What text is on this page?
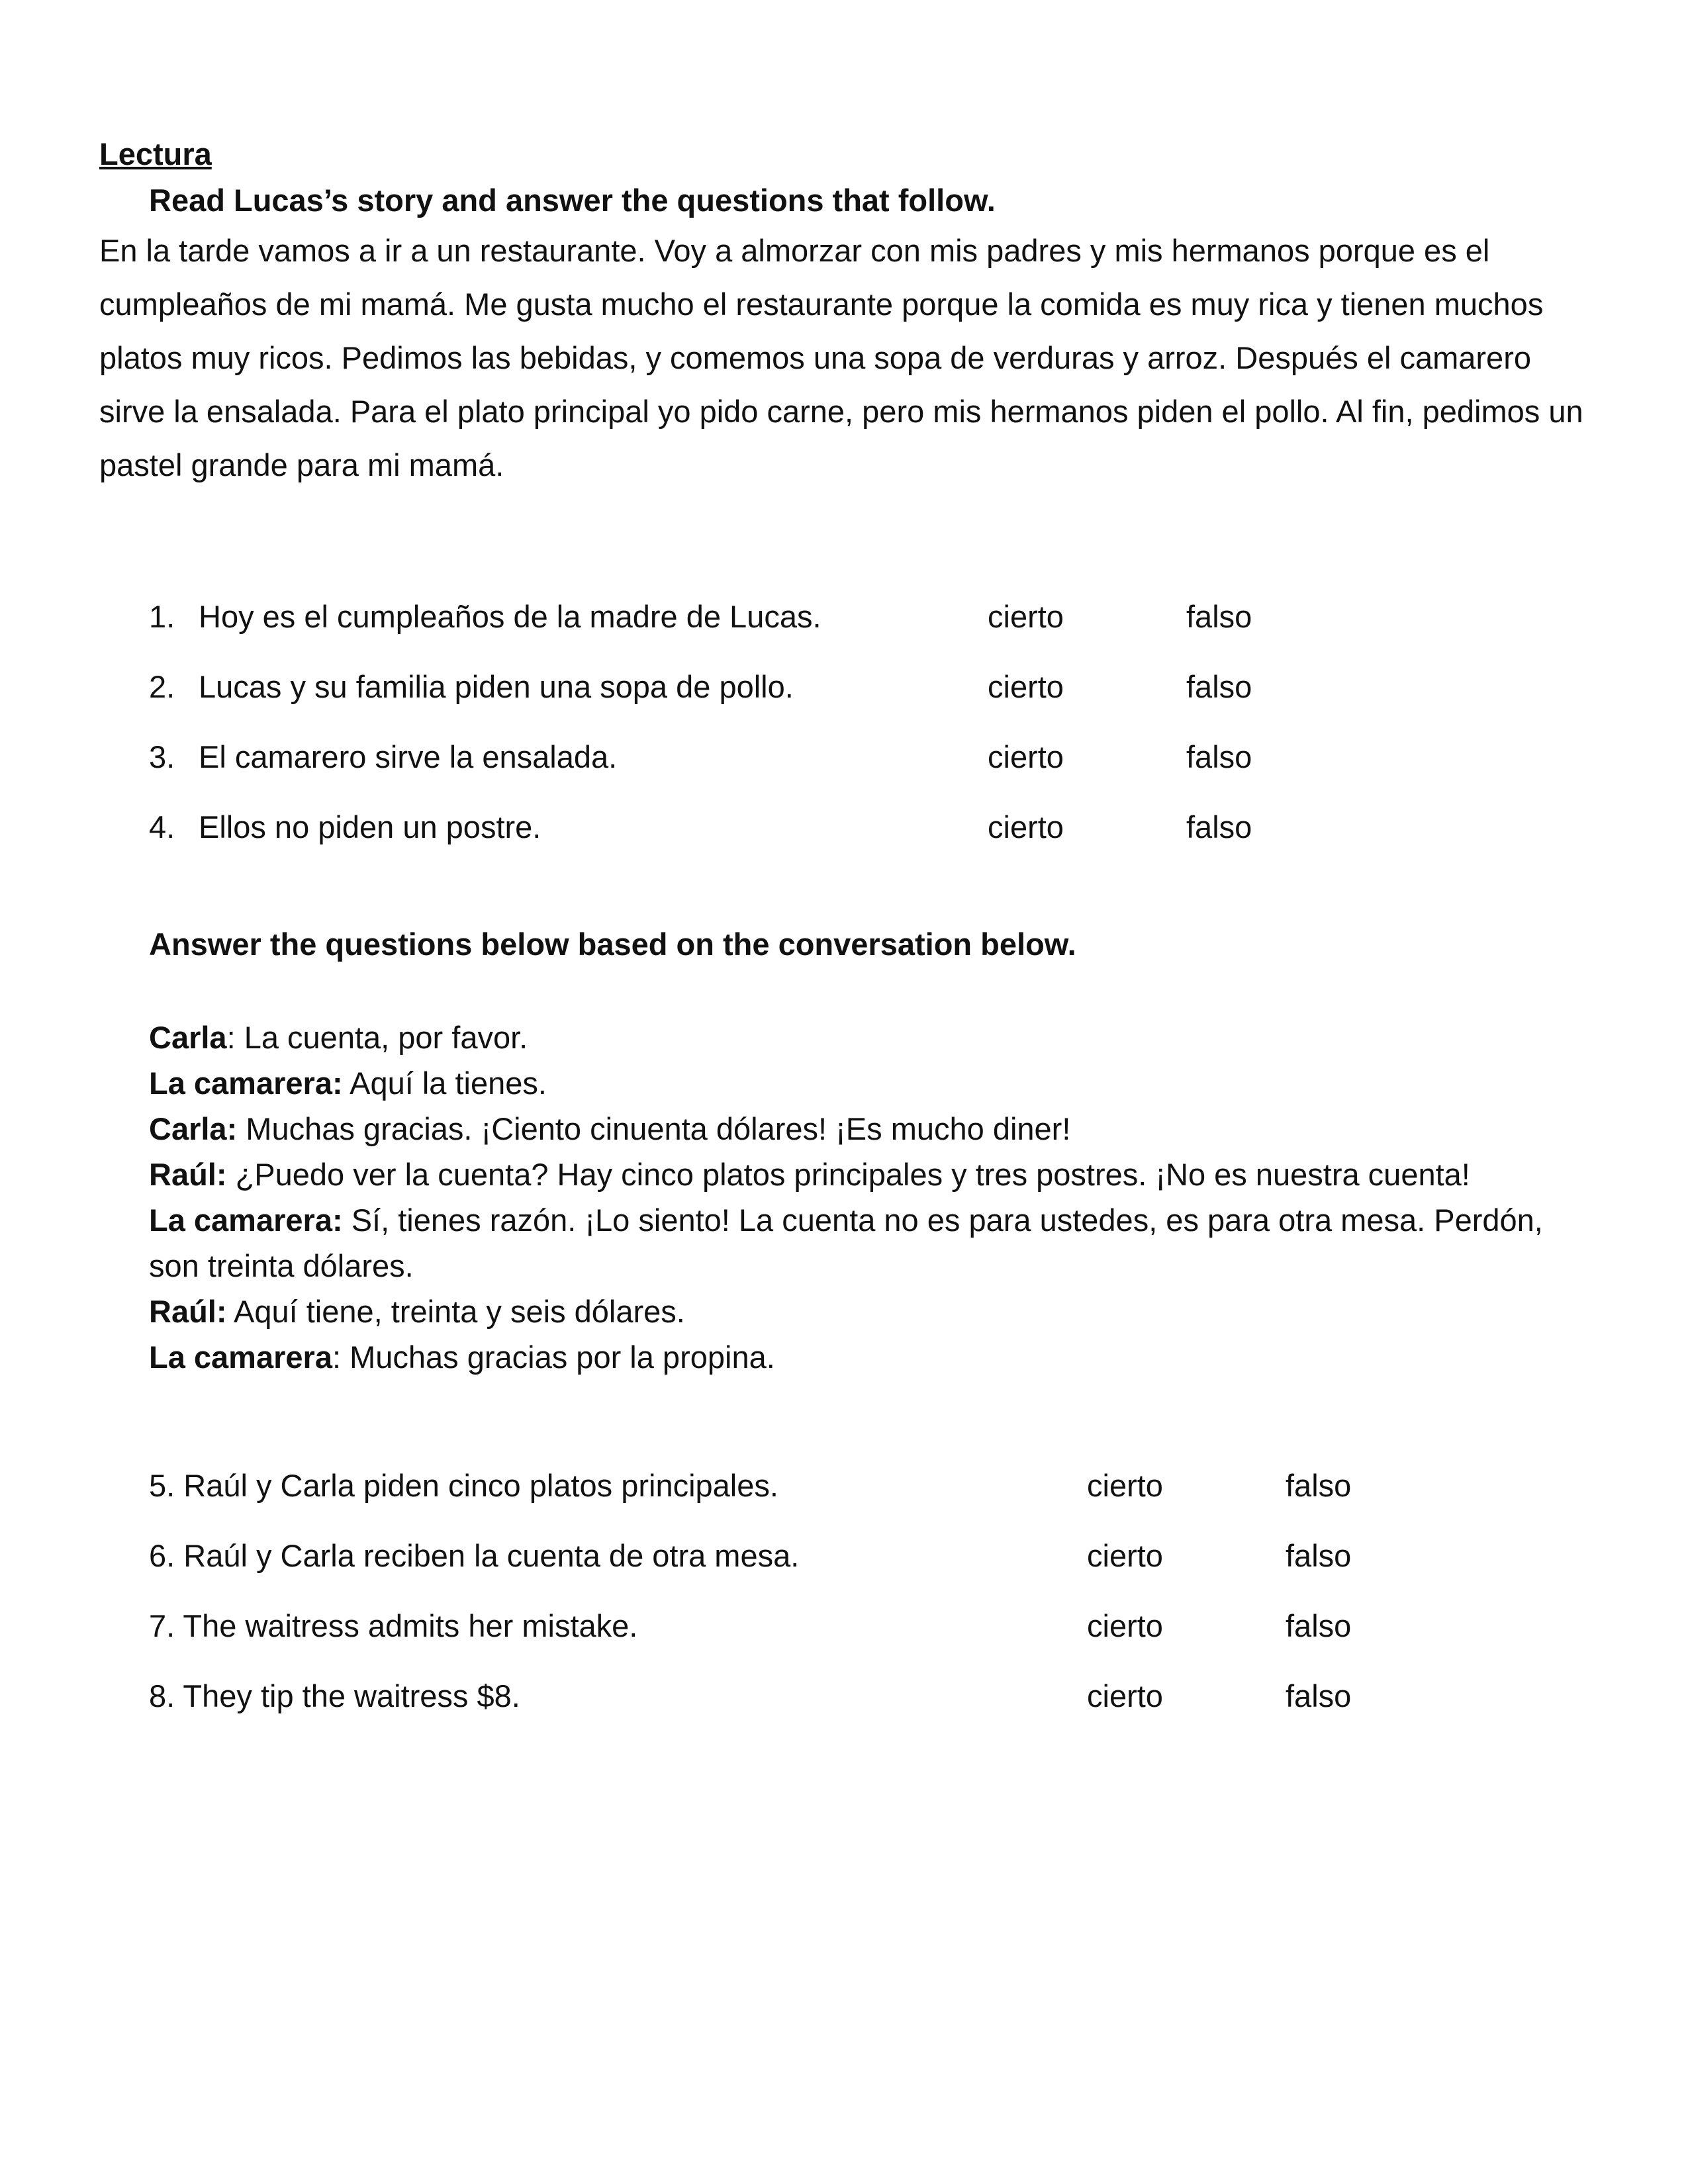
Lectura
Read Lucas’s story and answer the questions that follow.

En la tarde vamos a ir a un restaurante. Voy a almorzar con mis padres y mis hermanos porque es el cumpleaños de mi mamá. Me gusta mucho el restaurante porque la comida es muy rica y tienen muchos platos muy ricos. Pedimos las bebidas, y comemos una sopa de verduras y arroz. Después el camarero sirve la ensalada. Para el plato principal yo pido carne, pero mis hermanos piden el pollo. Al fin, pedimos un pastel grande para mi mamá.

1. Hoy es el cumpleaños de la madre de Lucas.	cierto	falso
2. Lucas y su familia piden una sopa de pollo.	cierto	falso
3. El camarero sirve la ensalada.	cierto	falso
4. Ellos no piden un postre.	cierto	falso
Answer the questions below based on the conversation below.

Carla: La cuenta, por favor.

La camarera: Aquí la tienes.

Carla: Muchas gracias. ¡Ciento cinuenta dólares! ¡Es mucho diner!

Raúl: ¿Puedo ver la cuenta? Hay cinco platos principales y tres postres. ¡No es nuestra cuenta!

La camarera: Sí, tienes razón. ¡Lo siento! La cuenta no es para ustedes, es para otra mesa. Perdón, son treinta dólares.

Raúl: Aquí tiene, treinta y seis dólares.

La camarera: Muchas gracias por la propina.

5. Raúl y Carla piden cinco platos principales.	cierto	falso
6. Raúl y Carla reciben la cuenta de otra mesa.	cierto	falso
7. The waitress admits her mistake.	cierto	falso
8. They tip the waitress $8.	cierto	falso
